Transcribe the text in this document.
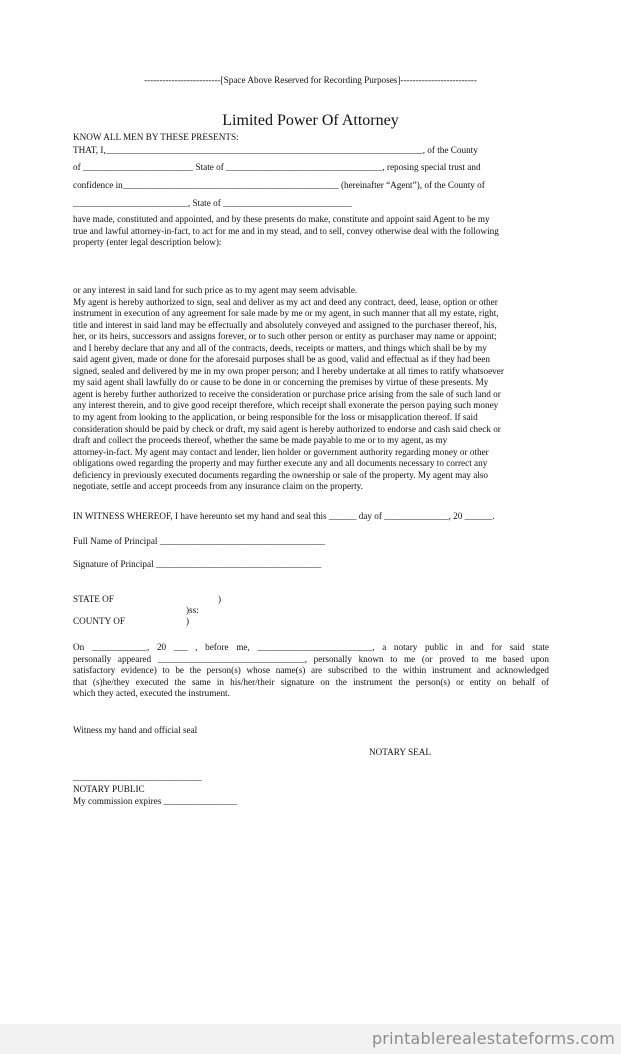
-------------------------[Space Above Reserved for Recording Purposes]-------------------------
Limited Power Of Attorney
KNOW ALL MEN BY THESE PRESENTS:
THAT, I,_____________________________________________________________________, of the County
of ________________________ State of __________________________________, reposing special trust and
confidence in_______________________________________________ (hereinafter “Agent”), of the County of
_________________________, State of ____________________________
have made, constituted and appointed, and by these presents do make, constitute and appoint said Agent to be my
true and lawful attorney-in-fact, to act for me and in my stead, and to sell, convey otherwise deal with the following
property (enter legal description below):
or any interest in said land for such price as to my agent may seem advisable.
My agent is hereby authorized to sign, seal and deliver as my act and deed any contract, deed, lease, option or other
instrument in execution of any agreement for sale made by me or my agent, in such manner that all my estate, right,
title and interest in said land may be effectually and absolutely conveyed and assigned to the purchaser thereof, his,
her, or its heirs, successors and assigns forever, or to such other person or entity as purchaser may name or appoint;
and I hereby declare that any and all of the contracts, deeds, receipts or matters, and things which shall be by my
said agent given, made or done for the aforesaid purposes shall be as good, valid and effectual as if they had been
signed, sealed and delivered by me in my own proper person; and I hereby undertake at all times to ratify whatsoever
my said agent shall lawfully do or cause to be done in or concerning the premises by virtue of these presents. My
agent is hereby further authorized to receive the consideration or purchase price arising from the sale of such land or
any interest therein, and to give good receipt therefore, which receipt shall exonerate the person paying such money
to my agent from looking to the application, or being responsible for the loss or misapplication thereof. If said
consideration should be paid by check or draft, my said agent is hereby authorized to endorse and cash said check or
draft and collect the proceeds thereof, whether the same be made payable to me or to my agent, as my
attorney-in-fact. My agent may contact and lender, lien holder or government authority regarding money or other
obligations owed regarding the property and may further execute any and all documents necessary to correct any
deficiency in previously executed documents regarding the ownership or sale of the property. My agent may also
negotiate, settle and accept proceeds from any insurance claim on the property.
IN WITNESS WHEREOF, I have hereunto set my hand and seal this ______ day of ______________, 20 ______.
Full Name of Principal ____________________________________
Signature of Principal ____________________________________
STATE OF	)
)ss:
COUNTY OF	)
On ____________, 20 ___ , before me, _________________________, a notary public in and for said state
personally appeared ________________________________, personally known to me (or proved to me based upon
satisfactory evidence) to be the person(s) whose name(s) are subscribed to the within instrument and acknowledged
that (s)he/they executed the same in his/her/their signature on the instrument the person(s) or entity on behalf of
which they acted, executed the instrument.
Witness my hand and official seal
NOTARY SEAL
____________________________
NOTARY PUBLIC
My commission expires ________________
printablerealestateforms.com
